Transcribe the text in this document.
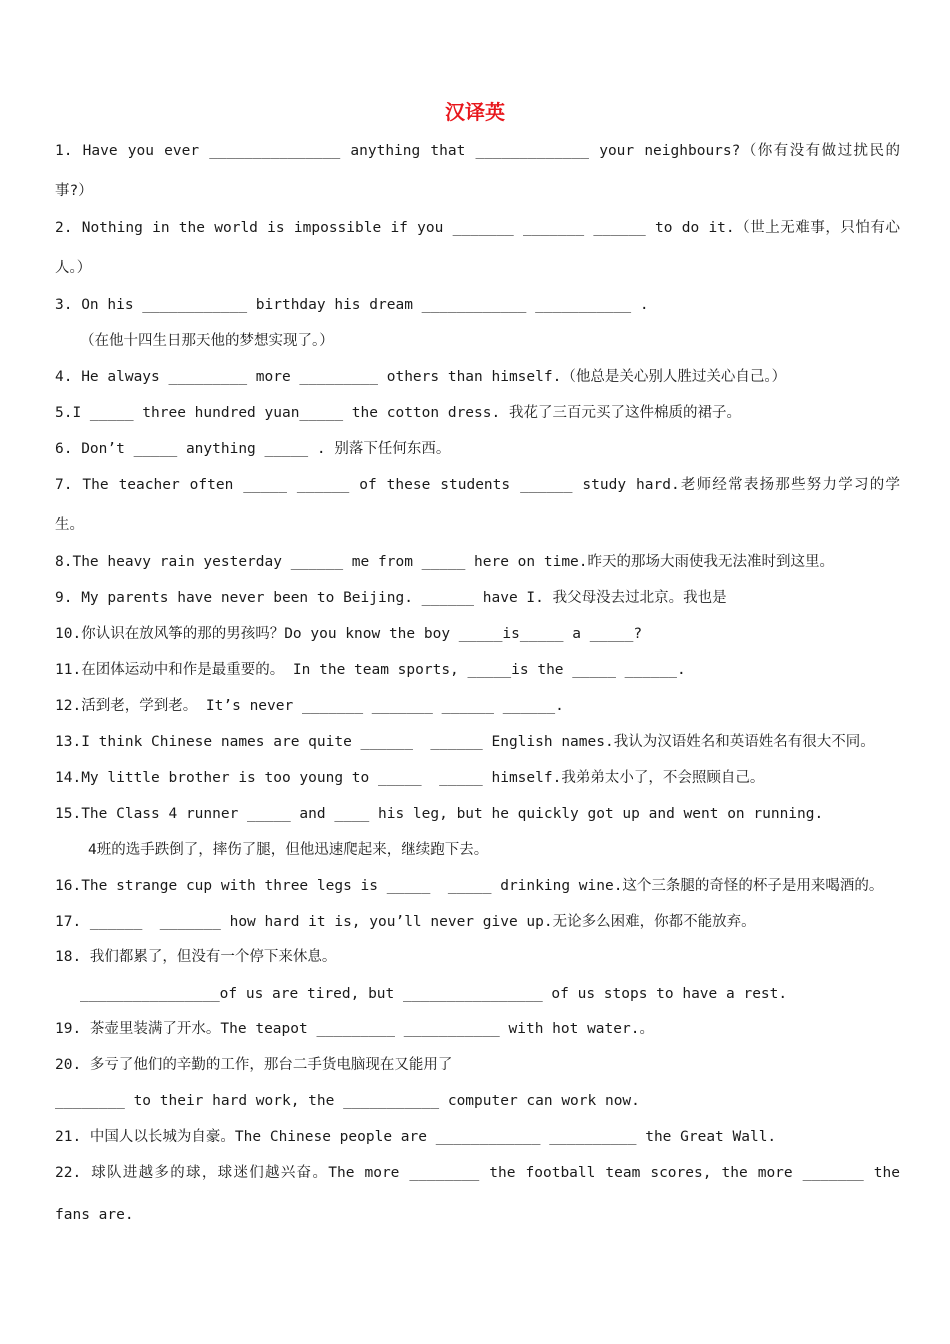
汉译英
1. Have you ever _______________ anything that _____________ your neighbours?（你有没有做过扰民的
事?）
2. Nothing in the world is impossible if you _______ _______ ______ to do it.（世上无难事，只怕有心
人。）
3. On his ____________ birthday his dream ____________ ___________ .
（在他十四生日那天他的梦想实现了。）
4. He always _________ more _________ others than himself.（他总是关心别人胜过关心自己。）
5.I _____ three hundred yuan_____ the cotton dress. 我花了三百元买了这件棉质的裙子。
6. Don’t _____ anything _____ . 别落下任何东西。
7. The teacher often _____ ______ of these students ______ study hard.老师经常表扬那些努力学习的学
生。
8.The heavy rain yesterday ______ me from _____ here on time.昨天的那场大雨使我无法准时到这里。
9. My parents have never been to Beijing. ______ have I. 我父母没去过北京。我也是
10.你认识在放风筝的那的男孩吗？Do you know the boy _____is_____ a _____?
11.在团体运动中和作是最重要的。 In the team sports, _____is the _____ ______.
12.活到老，学到老。 It’s never _______ _______ ______ ______.
13.I think Chinese names are quite ______  ______ English names.我认为汉语姓名和英语姓名有很大不同。
14.My little brother is too young to _____  _____ himself.我弟弟太小了，不会照顾自己。
15.The Class 4 runner _____ and ____ his leg, but he quickly got up and went on running.
4班的选手跌倒了，摔伤了腿，但他迅速爬起来，继续跑下去。
16.The strange cup with three legs is _____  _____ drinking wine.这个三条腿的奇怪的杯子是用来喝酒的。
17. ______  _______ how hard it is, you’ll never give up.无论多么困难，你都不能放弃。
18. 我们都累了，但没有一个停下来休息。
________________of us are tired, but ________________ of us stops to have a rest.
19. 茶壶里装满了开水。The teapot _________ ___________ with hot water.。
20. 多亏了他们的辛勤的工作，那台二手货电脑现在又能用了
________ to their hard work, the ___________ computer can work now.
21. 中国人以长城为自豪。The Chinese people are ____________ __________ the Great Wall.
22. 球队进越多的球，球迷们越兴奋。The more ________ the football team scores, the more _______ the
fans are.
